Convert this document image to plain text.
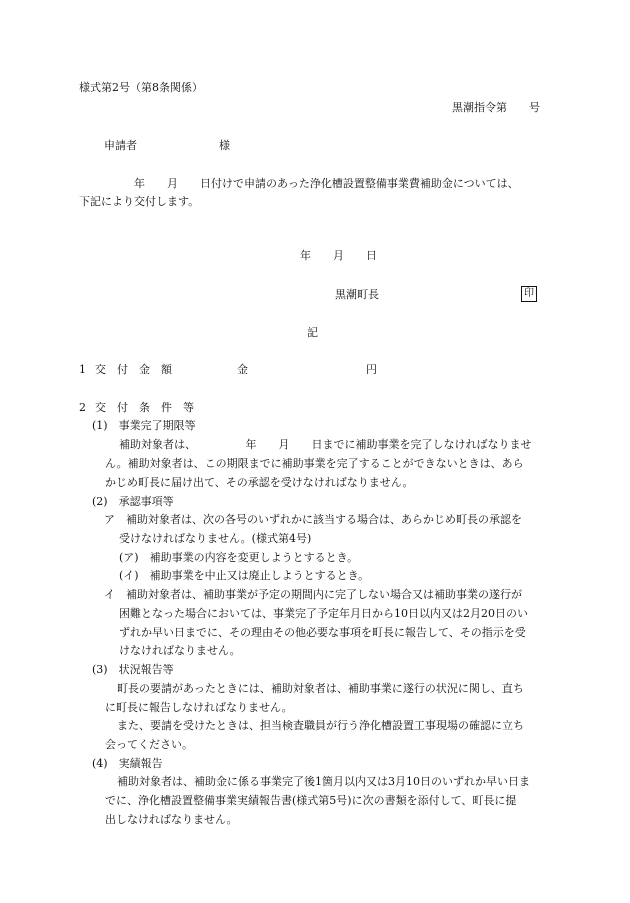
様式第2号（第8条関係）
黒潮指令第　　号
申請者	様
年　　月　　日付けで申請のあった浄化槽設置整備事業費補助金については、
下記により交付します。
年　　月　　日
黒潮町長	印
記
1 交　付　金　額	金	円
2 交　付　条　件　等
(1)　事業完了期限等
補助対象者は、　　　　　年　　月　　日までに補助事業を完了しなければなりませ
ん。補助対象者は、この期限までに補助事業を完了することができないときは、あら
かじめ町長に届け出て、その承認を受けなければなりません。
(2)　承認事項等
ア　補助対象者は、次の各号のいずれかに該当する場合は、あらかじめ町長の承認を
受けなければなりません。(様式第4号)
(ア)　補助事業の内容を変更しようとするとき。
(イ)　補助事業を中止又は廃止しようとするとき。
イ　補助対象者は、補助事業が予定の期間内に完了しない場合又は補助事業の遂行が
困難となった場合においては、事業完了予定年月日から10日以内又は2月20日のい
ずれか早い日までに、その理由その他必要な事項を町長に報告して、その指示を受
けなければなりません。
(3)　状況報告等
町長の要請があったときには、補助対象者は、補助事業に遂行の状況に関し、直ち
に町長に報告しなければなりません。
また、要請を受けたときは、担当検査職員が行う浄化槽設置工事現場の確認に立ち
会ってください。
(4)　実績報告
補助対象者は、補助金に係る事業完了後1箇月以内又は3月10日のいずれか早い日ま
でに、浄化槽設置整備事業実績報告書(様式第5号)に次の書類を添付して、町長に提
出しなければなりません。
